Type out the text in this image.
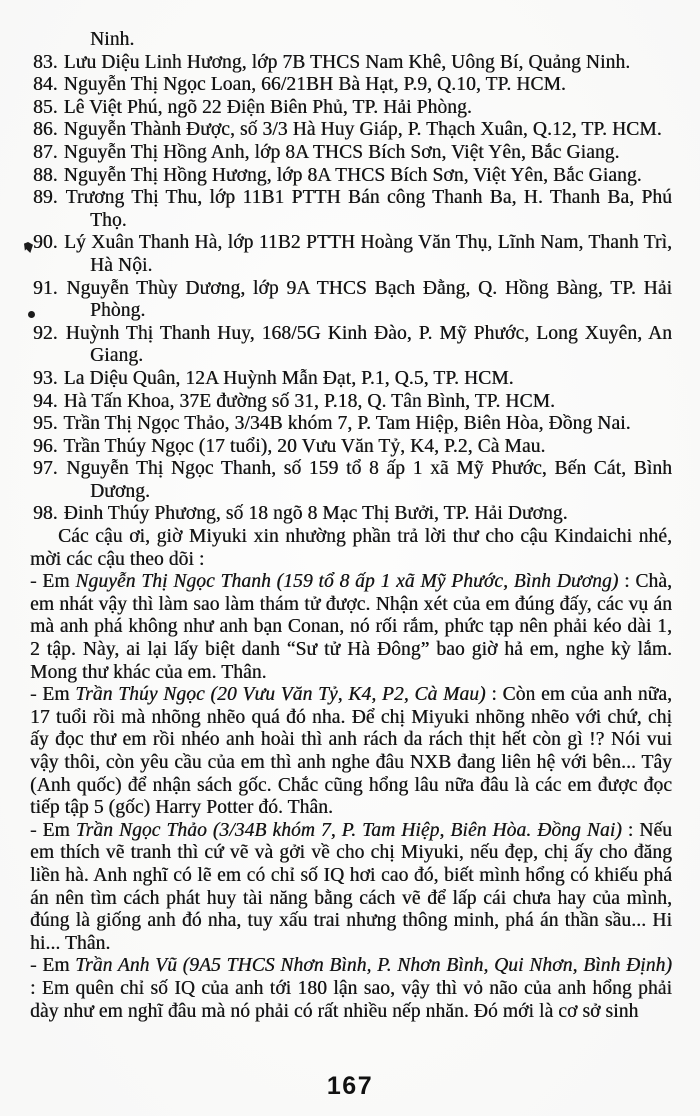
Ninh.
83. Lưu Diệu Linh Hương, lớp 7B THCS Nam Khê, Uông Bí, Quảng Ninh.
84. Nguyễn Thị Ngọc Loan, 66/21BH Bà Hạt, P.9, Q.10, TP. HCM.
85. Lê Việt Phú, ngõ 22 Điện Biên Phủ, TP. Hải Phòng.
86. Nguyễn Thành Được, số 3/3 Hà Huy Giáp, P. Thạch Xuân, Q.12, TP. HCM.
87. Nguyễn Thị Hồng Anh, lớp 8A THCS Bích Sơn, Việt Yên, Bắc Giang.
88. Nguyễn Thị Hồng Hương, lớp 8A THCS Bích Sơn, Việt Yên, Bắc Giang.
89. Trương Thị Thu, lớp 11B1 PTTH Bán công Thanh Ba, H. Thanh Ba, Phú Thọ.
90. Lý Xuân Thanh Hà, lớp 11B2 PTTH Hoàng Văn Thụ, Lĩnh Nam, Thanh Trì, Hà Nội.
91. Nguyễn Thùy Dương, lớp 9A THCS Bạch Đằng, Q. Hồng Bàng, TP. Hải Phòng.
92. Huỳnh Thị Thanh Huy, 168/5G Kinh Đào, P. Mỹ Phước, Long Xuyên, An Giang.
93. La Diệu Quân, 12A Huỳnh Mẫn Đạt, P.1, Q.5, TP. HCM.
94. Hà Tấn Khoa, 37E đường số 31, P.18, Q. Tân Bình, TP. HCM.
95. Trần Thị Ngọc Thảo, 3/34B khóm 7, P. Tam Hiệp, Biên Hòa, Đồng Nai.
96. Trần Thúy Ngọc (17 tuổi), 20 Vưu Văn Tỷ, K4, P.2, Cà Mau.
97. Nguyễn Thị Ngọc Thanh, số 159 tổ 8 ấp 1 xã Mỹ Phước, Bến Cát, Bình Dương.
98. Đinh Thúy Phương, số 18 ngõ 8 Mạc Thị Bưởi, TP. Hải Dương.

Các cậu ơi, giờ Miyuki xin nhường phần trả lời thư cho cậu Kindaichi nhé, mời các cậu theo dõi :

- Em Nguyễn Thị Ngọc Thanh (159 tổ 8 ấp 1 xã Mỹ Phước, Bình Dương) : Chà, em nhát vậy thì làm sao làm thám tử được. Nhận xét của em đúng đấy, các vụ án mà anh phá không như anh bạn Conan, nó rối rắm, phức tạp nên phải kéo dài 1, 2 tập. Này, ai lại lấy biệt danh “Sư tử Hà Đông” bao giờ hả em, nghe kỳ lắm. Mong thư khác của em. Thân.

- Em Trần Thúy Ngọc (20 Vưu Văn Tỷ, K4, P2, Cà Mau) : Còn em của anh nữa, 17 tuổi rồi mà nhõng nhẽo quá đó nha. Để chị Miyuki nhõng nhẽo với chứ, chị ấy đọc thư em rồi nhéo anh hoài thì anh rách da rách thịt hết còn gì !? Nói vui vậy thôi, còn yêu cầu của em thì anh nghe đâu NXB đang liên hệ với bên... Tây (Anh quốc) để nhận sách gốc. Chắc cũng hổng lâu nữa đâu là các em được đọc tiếp tập 5 (gốc) Harry Potter đó. Thân.

- Em Trần Ngọc Thảo (3/34B khóm 7, P. Tam Hiệp, Biên Hòa. Đồng Nai) : Nếu em thích vẽ tranh thì cứ vẽ và gởi về cho chị Miyuki, nếu đẹp, chị ấy cho đăng liền hà. Anh nghĩ có lẽ em có chỉ số IQ hơi cao đó, biết mình hổng có khiếu phá án nên tìm cách phát huy tài năng bằng cách vẽ để lấp cái chưa hay của mình, đúng là giống anh đó nha, tuy xấu trai nhưng thông minh, phá án thần sầu... Hi hi... Thân.

- Em Trần Anh Vũ (9A5 THCS Nhơn Bình, P. Nhơn Bình, Qui Nhơn, Bình Định) : Em quên chỉ số IQ của anh tới 180 lận sao, vậy thì vỏ não của anh hổng phải dày như em nghĩ đâu mà nó phải có rất nhiều nếp nhăn. Đó mới là cơ sở sinh

167
